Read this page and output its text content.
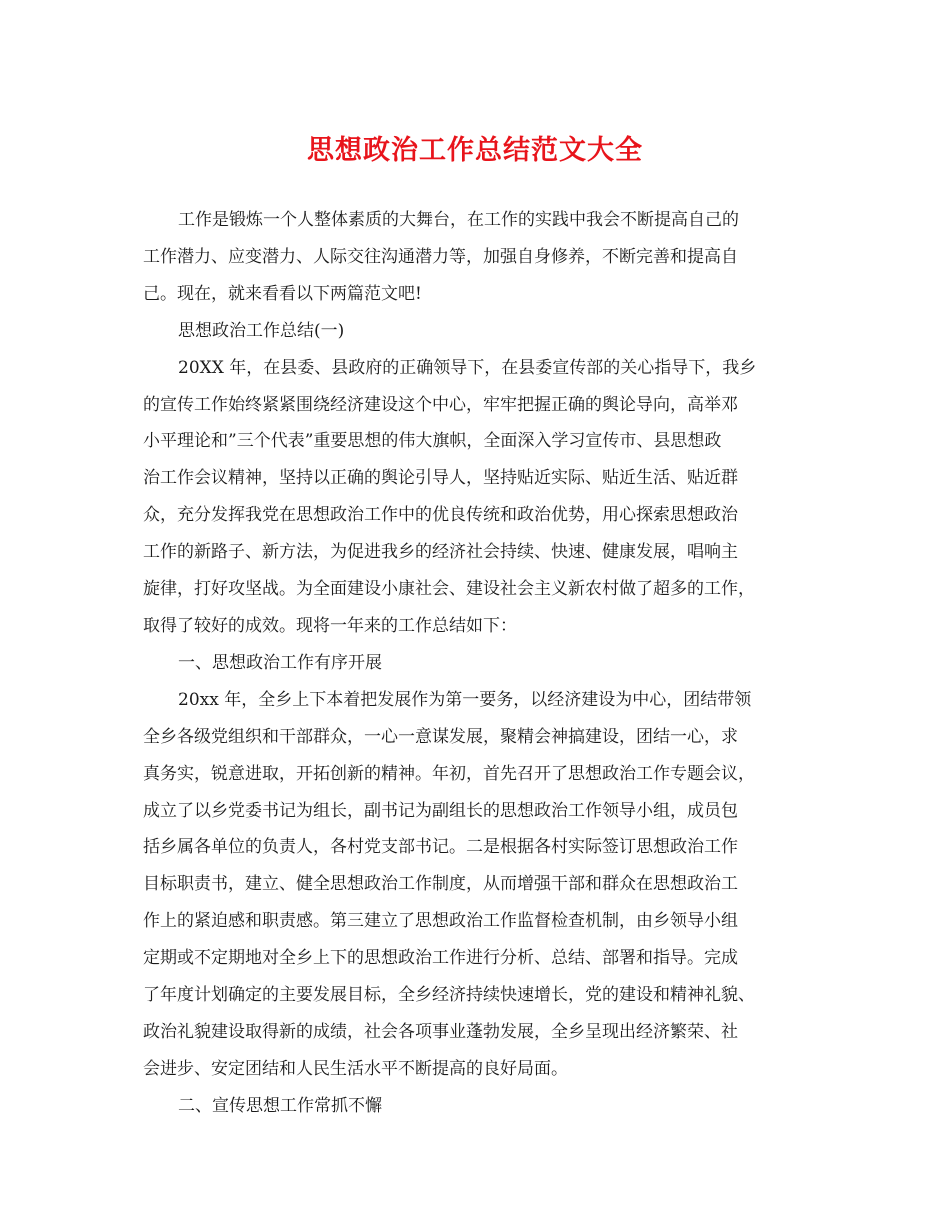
思想政治工作总结范文大全
工作是锻炼一个人整体素质的大舞台，在工作的实践中我会不断提高自己的
工作潜力、应变潜力、人际交往沟通潜力等，加强自身修养，不断完善和提高自
己。现在，就来看看以下两篇范文吧!
思想政治工作总结(一)
20XX 年，在县委、县政府的正确领导下，在县委宣传部的关心指导下，我乡
的宣传工作始终紧紧围绕经济建设这个中心，牢牢把握正确的舆论导向，高举邓
小平理论和”三个代表”重要思想的伟大旗帜，全面深入学习宣传市、县思想政
治工作会议精神，坚持以正确的舆论引导人，坚持贴近实际、贴近生活、贴近群
众，充分发挥我党在思想政治工作中的优良传统和政治优势，用心探索思想政治
工作的新路子、新方法，为促进我乡的经济社会持续、快速、健康发展，唱响主
旋律，打好攻坚战。为全面建设小康社会、建设社会主义新农村做了超多的工作，
取得了较好的成效。现将一年来的工作总结如下：
一、思想政治工作有序开展
20xx 年，全乡上下本着把发展作为第一要务，以经济建设为中心，团结带领
全乡各级党组织和干部群众，一心一意谋发展，聚精会神搞建设，团结一心，求
真务实，锐意进取，开拓创新的精神。年初，首先召开了思想政治工作专题会议，
成立了以乡党委书记为组长，副书记为副组长的思想政治工作领导小组，成员包
括乡属各单位的负责人，各村党支部书记。二是根据各村实际签订思想政治工作
目标职责书，建立、健全思想政治工作制度，从而增强干部和群众在思想政治工
作上的紧迫感和职责感。第三建立了思想政治工作监督检查机制，由乡领导小组
定期或不定期地对全乡上下的思想政治工作进行分析、总结、部署和指导。完成
了年度计划确定的主要发展目标，全乡经济持续快速增长，党的建设和精神礼貌、
政治礼貌建设取得新的成绩，社会各项事业蓬勃发展，全乡呈现出经济繁荣、社
会进步、安定团结和人民生活水平不断提高的良好局面。
二、宣传思想工作常抓不懈
